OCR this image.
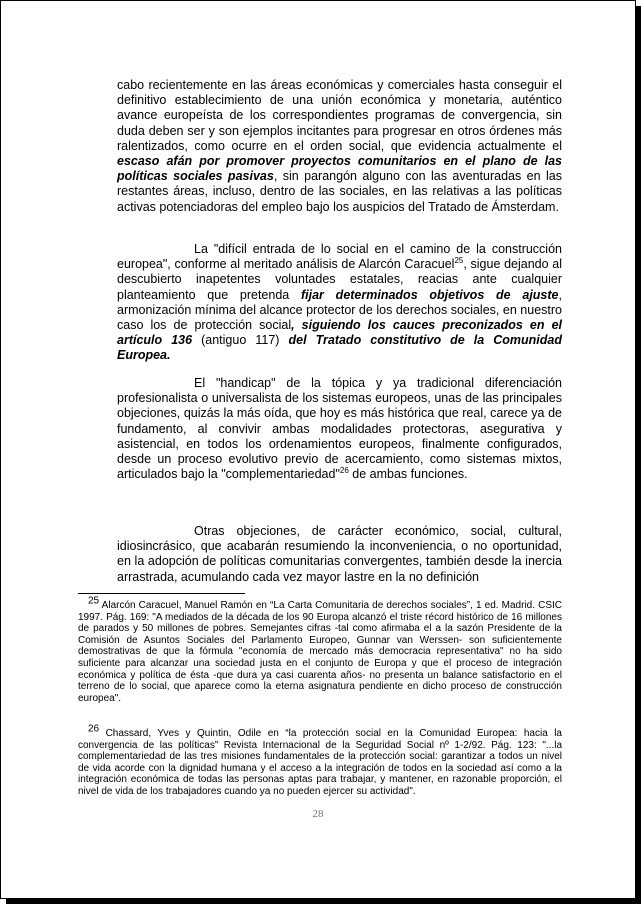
cabo recientemente en las áreas económicas y comerciales hasta conseguir el definitivo establecimiento de una unión económica y monetaria, auténtico avance europeísta de los correspondientes programas de convergencia, sin duda deben ser y son ejemplos incitantes para progresar en otros órdenes más ralentizados, como ocurre en el orden social, que evidencia actualmente el escaso afán por promover proyectos comunitarios en el plano de las políticas sociales pasivas, sin parangón alguno con las aventuradas en las restantes áreas, incluso, dentro de las sociales, en las relativas a las políticas activas potenciadoras del empleo bajo los auspicios del Tratado de Ámsterdam.

La "difícil entrada de lo social en el camino de la construcción europea", conforme al meritado análisis de Alarcón Caracuel$^{25}$, sigue dejando al descubierto inapetentes voluntades estatales, reacias ante cualquier planteamiento que pretenda fijar determinados objetivos de ajuste, armonización mínima del alcance protector de los derechos sociales, en nuestro caso los de protección social, siguiendo los cauces preconizados en el artículo 136 (antiguo 117) del Tratado constitutivo de la Comunidad Europea.

El "handicap" de la tópica y ya tradicional diferenciación profesionalista o universalista de los sistemas europeos, unas de las principales objeciones, quizás la más oída, que hoy es más histórica que real, carece ya de fundamento, al convivir ambas modalidades protectoras, asegurativa y asistencial, en todos los ordenamientos europeos, finalmente configurados, desde un proceso evolutivo previo de acercamiento, como sistemas mixtos, articulados bajo la "complementariedad"$^{26}$ de ambas funciones.

Otras objeciones, de carácter económico, social, cultural, idiosincrásico, que acabarán resumiendo la inconveniencia, o no oportunidad, en la adopción de políticas comunitarias convergentes, también desde la inercia arrastrada, acumulando cada vez mayor lastre en la no definición

$^{25}$ Alarcón Caracuel, Manuel Ramón en “La Carta Comunitaria de derechos sociales”, 1 ed. Madrid. CSIC 1997. Pág. 169: "A mediados de la década de los 90 Europa alcanzó el triste récord histórico de 16 millones de parados y 50 millones de pobres. Semejantes cifras -tal como afirmaba el a la sazón Presidente de la Comisión de Asuntos Sociales del Parlamento Europeo, Gunnar van Werssen- son suficientemente demostrativas de que la fórmula "economía de mercado más democracia representativa" no ha sido suficiente para alcanzar una sociedad justa en el conjunto de Europa y que el proceso de integración económica y política de ésta -que dura ya casi cuarenta años- no presenta un balance satisfactorio en el terreno de lo social, que aparece como la eterna asignatura pendiente en dicho proceso de construcción europea".

$^{26}$ Chassard, Yves y Quintin, Odile en “la protección social en la Comunidad Europea: hacia la convergencia de las políticas” Revista Internacional de la Seguridad Social nº 1-2/92. Pág. 123: "...la complementariedad de las tres misiones fundamentales de la protección social: garantizar a todos un nivel de vida acorde con la dignidad humana y el acceso a la integración de todos en la sociedad así como a la integración económica de todas las personas aptas para trabajar, y mantener, en razonable proporción, el nivel de vida de los trabajadores cuando ya no pueden ejercer su actividad".

28
